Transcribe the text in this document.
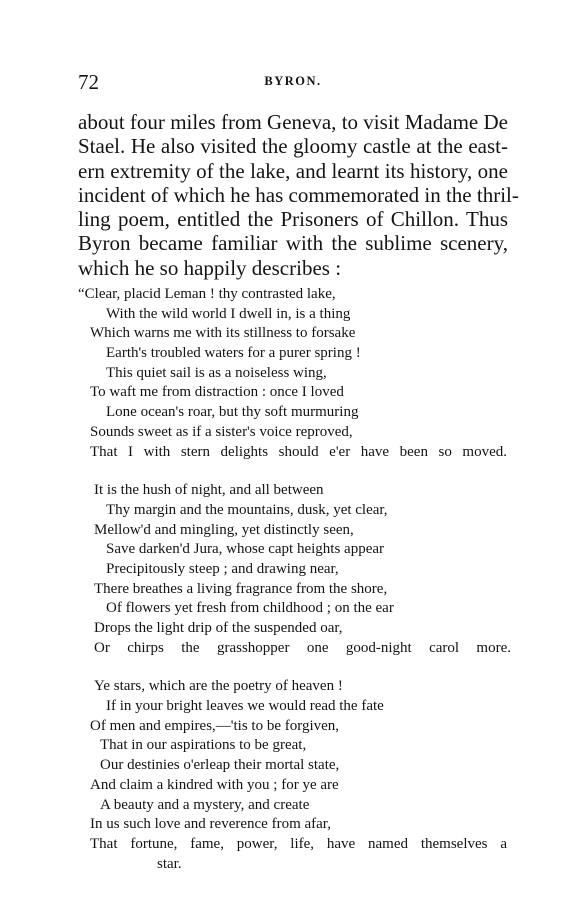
72	BYRON.
about four miles from Geneva, to visit Madame De
Stael. He also visited the gloomy castle at the east-
ern extremity of the lake, and learnt its history, one
incident of which he has commemorated in the thril-
ling poem, entitled the Prisoners of Chillon. Thus
Byron became familiar with the sublime scenery,
which he so happily describes :
“Clear, placid Leman ! thy contrasted lake,
With the wild world I dwell in, is a thing
Which warns me with its stillness to forsake
Earth's troubled waters for a purer spring !
This quiet sail is as a noiseless wing,
To waft me from distraction : once I loved
Lone ocean's roar, but thy soft murmuring
Sounds sweet as if a sister's voice reproved,
That I with stern delights should e'er have been so moved.
It is the hush of night, and all between
Thy margin and the mountains, dusk, yet clear,
Mellow'd and mingling, yet distinctly seen,
Save darken'd Jura, whose capt heights appear
Precipitously steep ; and drawing near,
There breathes a living fragrance from the shore,
Of flowers yet fresh from childhood ; on the ear
Drops the light drip of the suspended oar,
Or chirps the grasshopper one good-night carol more.
Ye stars, which are the poetry of heaven !
If in your bright leaves we would read the fate
Of men and empires,—'tis to be forgiven,
That in our aspirations to be great,
Our destinies o'erleap their mortal state,
And claim a kindred with you ; for ye are
A beauty and a mystery, and create
In us such love and reverence from afar,
That fortune, fame, power, life, have named themselves a
star.
